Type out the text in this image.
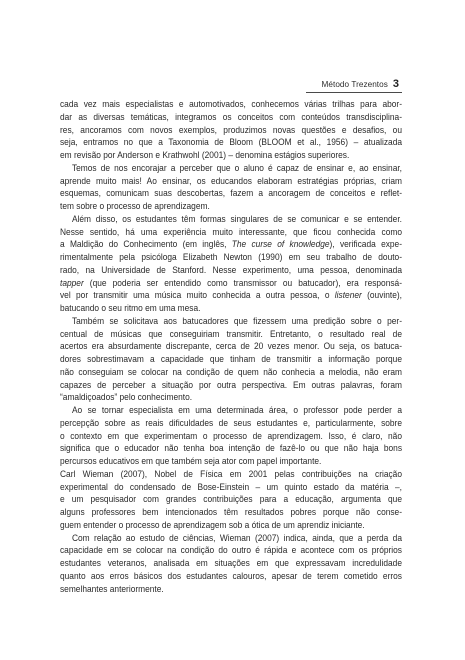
Método Trezentos 3
cada vez mais especialistas e automotivados, conhecemos várias trilhas para abor-
dar as diversas temáticas, integramos os conceitos com conteúdos transdisciplina-
res, ancoramos com novos exemplos, produzimos novas questões e desafios, ou
seja, entramos no que a Taxonomia de Bloom (BLOOM et al., 1956) – atualizada
em revisão por Anderson e Krathwohl (2001) – denomina estágios superiores.
Temos de nos encorajar a perceber que o aluno é capaz de ensinar e, ao ensinar,
aprende muito mais! Ao ensinar, os educandos elaboram estratégias próprias, criam
esquemas, comunicam suas descobertas, fazem a ancoragem de conceitos e reflet-
tem sobre o processo de aprendizagem.
Além disso, os estudantes têm formas singulares de se comunicar e se entender.
Nesse sentido, há uma experiência muito interessante, que ficou conhecida como
a Maldição do Conhecimento (em inglês, The curse of knowledge), verificada expe-
rimentalmente pela psicóloga Elizabeth Newton (1990) em seu trabalho de douto-
rado, na Universidade de Stanford. Nesse experimento, uma pessoa, denominada
tapper (que poderia ser entendido como transmissor ou batucador), era responsá-
vel por transmitir uma música muito conhecida a outra pessoa, o listener (ouvinte),
batucando o seu ritmo em uma mesa.
Também se solicitava aos batucadores que fizessem uma predição sobre o per-
centual de músicas que conseguiriam transmitir. Entretanto, o resultado real de
acertos era absurdamente discrepante, cerca de 20 vezes menor. Ou seja, os batuca-
dores sobrestimavam a capacidade que tinham de transmitir a informação porque
não conseguiam se colocar na condição de quem não conhecia a melodia, não eram
capazes de perceber a situação por outra perspectiva. Em outras palavras, foram
“amaldiçoados” pelo conhecimento.
Ao se tornar especialista em uma determinada área, o professor pode perder a
percepção sobre as reais dificuldades de seus estudantes e, particularmente, sobre
o contexto em que experimentam o processo de aprendizagem. Isso, é claro, não
significa que o educador não tenha boa intenção de fazê-lo ou que não haja bons
percursos educativos em que também seja ator com papel importante.
Carl Wieman (2007), Nobel de Física em 2001 pelas contribuições na criação
experimental do condensado de Bose-Einstein – um quinto estado da matéria –,
e um pesquisador com grandes contribuições para a educação, argumenta que
alguns professores bem intencionados têm resultados pobres porque não conse-
guem entender o processo de aprendizagem sob a ótica de um aprendiz iniciante.
Com relação ao estudo de ciências, Wieman (2007) indica, ainda, que a perda da
capacidade em se colocar na condição do outro é rápida e acontece com os próprios
estudantes veteranos, analisada em situações em que expressavam incredulidade
quanto aos erros básicos dos estudantes calouros, apesar de terem cometido erros
semelhantes anteriormente.
